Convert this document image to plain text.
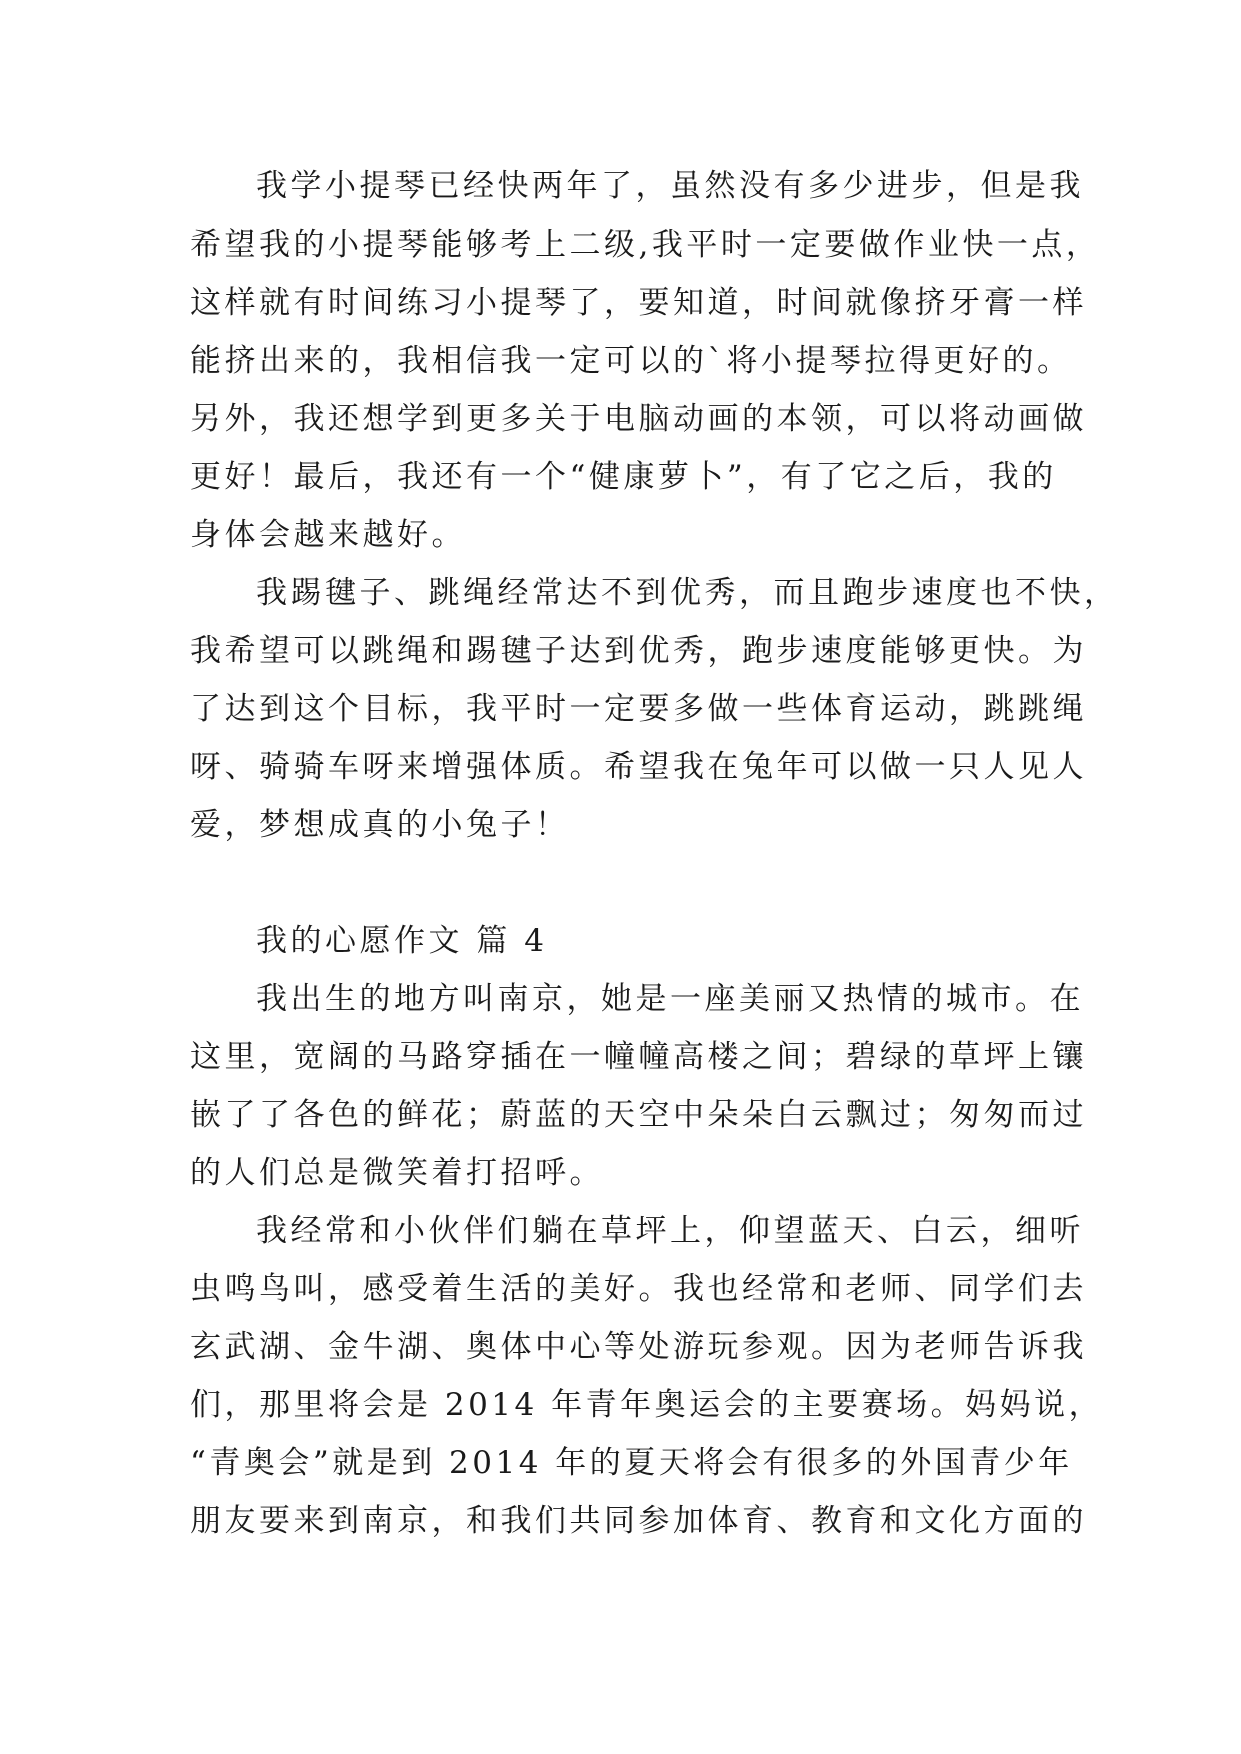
我学小提琴已经快两年了，虽然没有多少进步，但是我

希望我的小提琴能够考上二级,我平时一定要做作业快一点，

这样就有时间练习小提琴了，要知道，时间就像挤牙膏一样

能挤出来的，我相信我一定可以的`将小提琴拉得更好的。

另外，我还想学到更多关于电脑动画的本领，可以将动画做

更好！最后，我还有一个“健康萝卜”，有了它之后，我的

身体会越来越好。

我踢毽子、跳绳经常达不到优秀，而且跑步速度也不快，

我希望可以跳绳和踢毽子达到优秀，跑步速度能够更快。为

了达到这个目标，我平时一定要多做一些体育运动，跳跳绳

呀、骑骑车呀来增强体质。希望我在兔年可以做一只人见人

爱，梦想成真的小兔子！

我的心愿作文 篇 4

我出生的地方叫南京，她是一座美丽又热情的城市。在

这里，宽阔的马路穿插在一幢幢高楼之间；碧绿的草坪上镶

嵌了了各色的鲜花；蔚蓝的天空中朵朵白云飘过；匆匆而过

的人们总是微笑着打招呼。

我经常和小伙伴们躺在草坪上，仰望蓝天、白云，细听

虫鸣鸟叫，感受着生活的美好。我也经常和老师、同学们去

玄武湖、金牛湖、奥体中心等处游玩参观。因为老师告诉我

们，那里将会是 2014 年青年奥运会的主要赛场。妈妈说，

“青奥会”就是到 2014 年的夏天将会有很多的外国青少年

朋友要来到南京，和我们共同参加体育、教育和文化方面的
